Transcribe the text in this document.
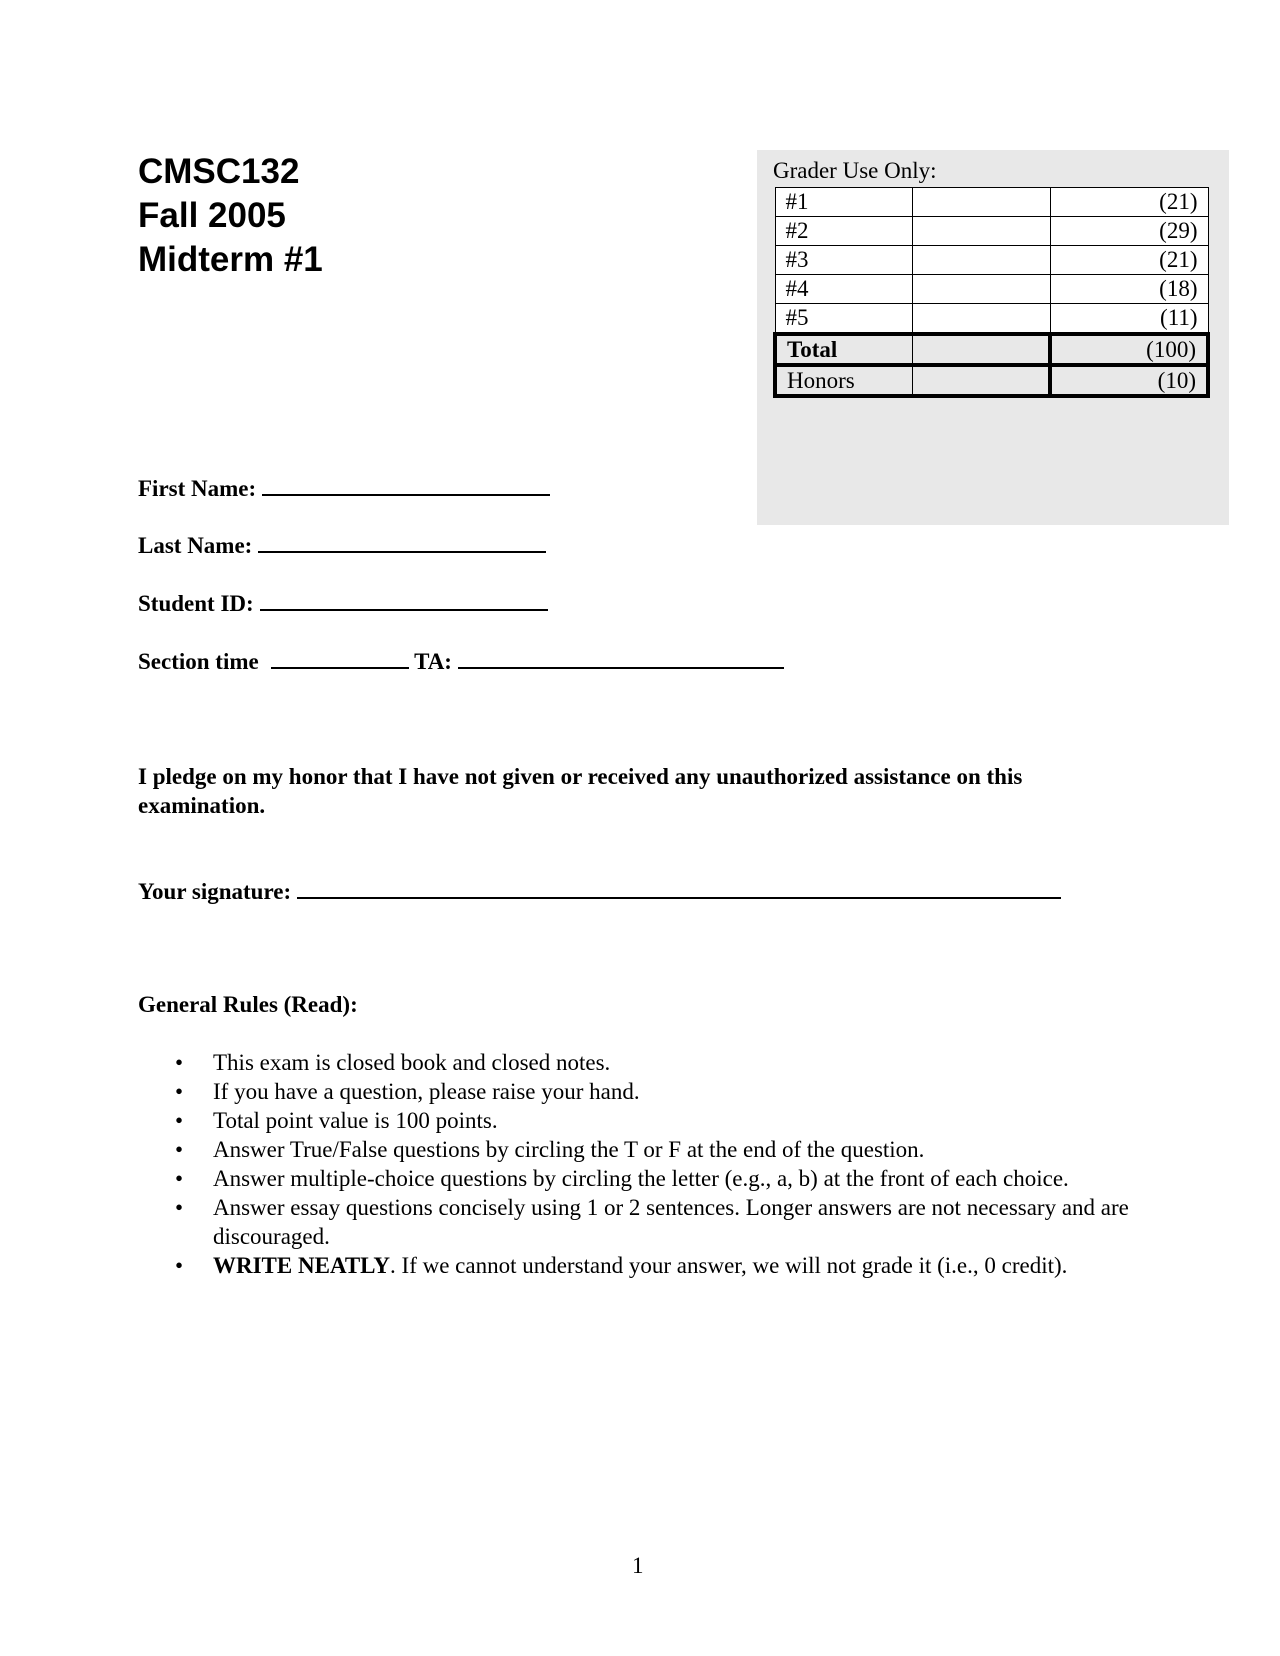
CMSC132
Fall 2005
Midterm #1
Grader Use Only:
#1		(21)
#2		(29)
#3		(21)
#4		(18)
#5		(11)
Total		(100)
Honors		(10)
First Name:
Last Name:
Student ID:
Section time	TA:
I pledge on my honor that I have not given or received any unauthorized assistance on this examination.
Your signature:
General Rules (Read):
• This exam is closed book and closed notes.
• If you have a question, please raise your hand.
• Total point value is 100 points.
• Answer True/False questions by circling the T or F at the end of the question.
• Answer multiple-choice questions by circling the letter (e.g., a, b) at the front of each choice.
• Answer essay questions concisely using 1 or 2 sentences. Longer answers are not necessary and are discouraged.
• WRITE NEATLY. If we cannot understand your answer, we will not grade it (i.e., 0 credit).
1
